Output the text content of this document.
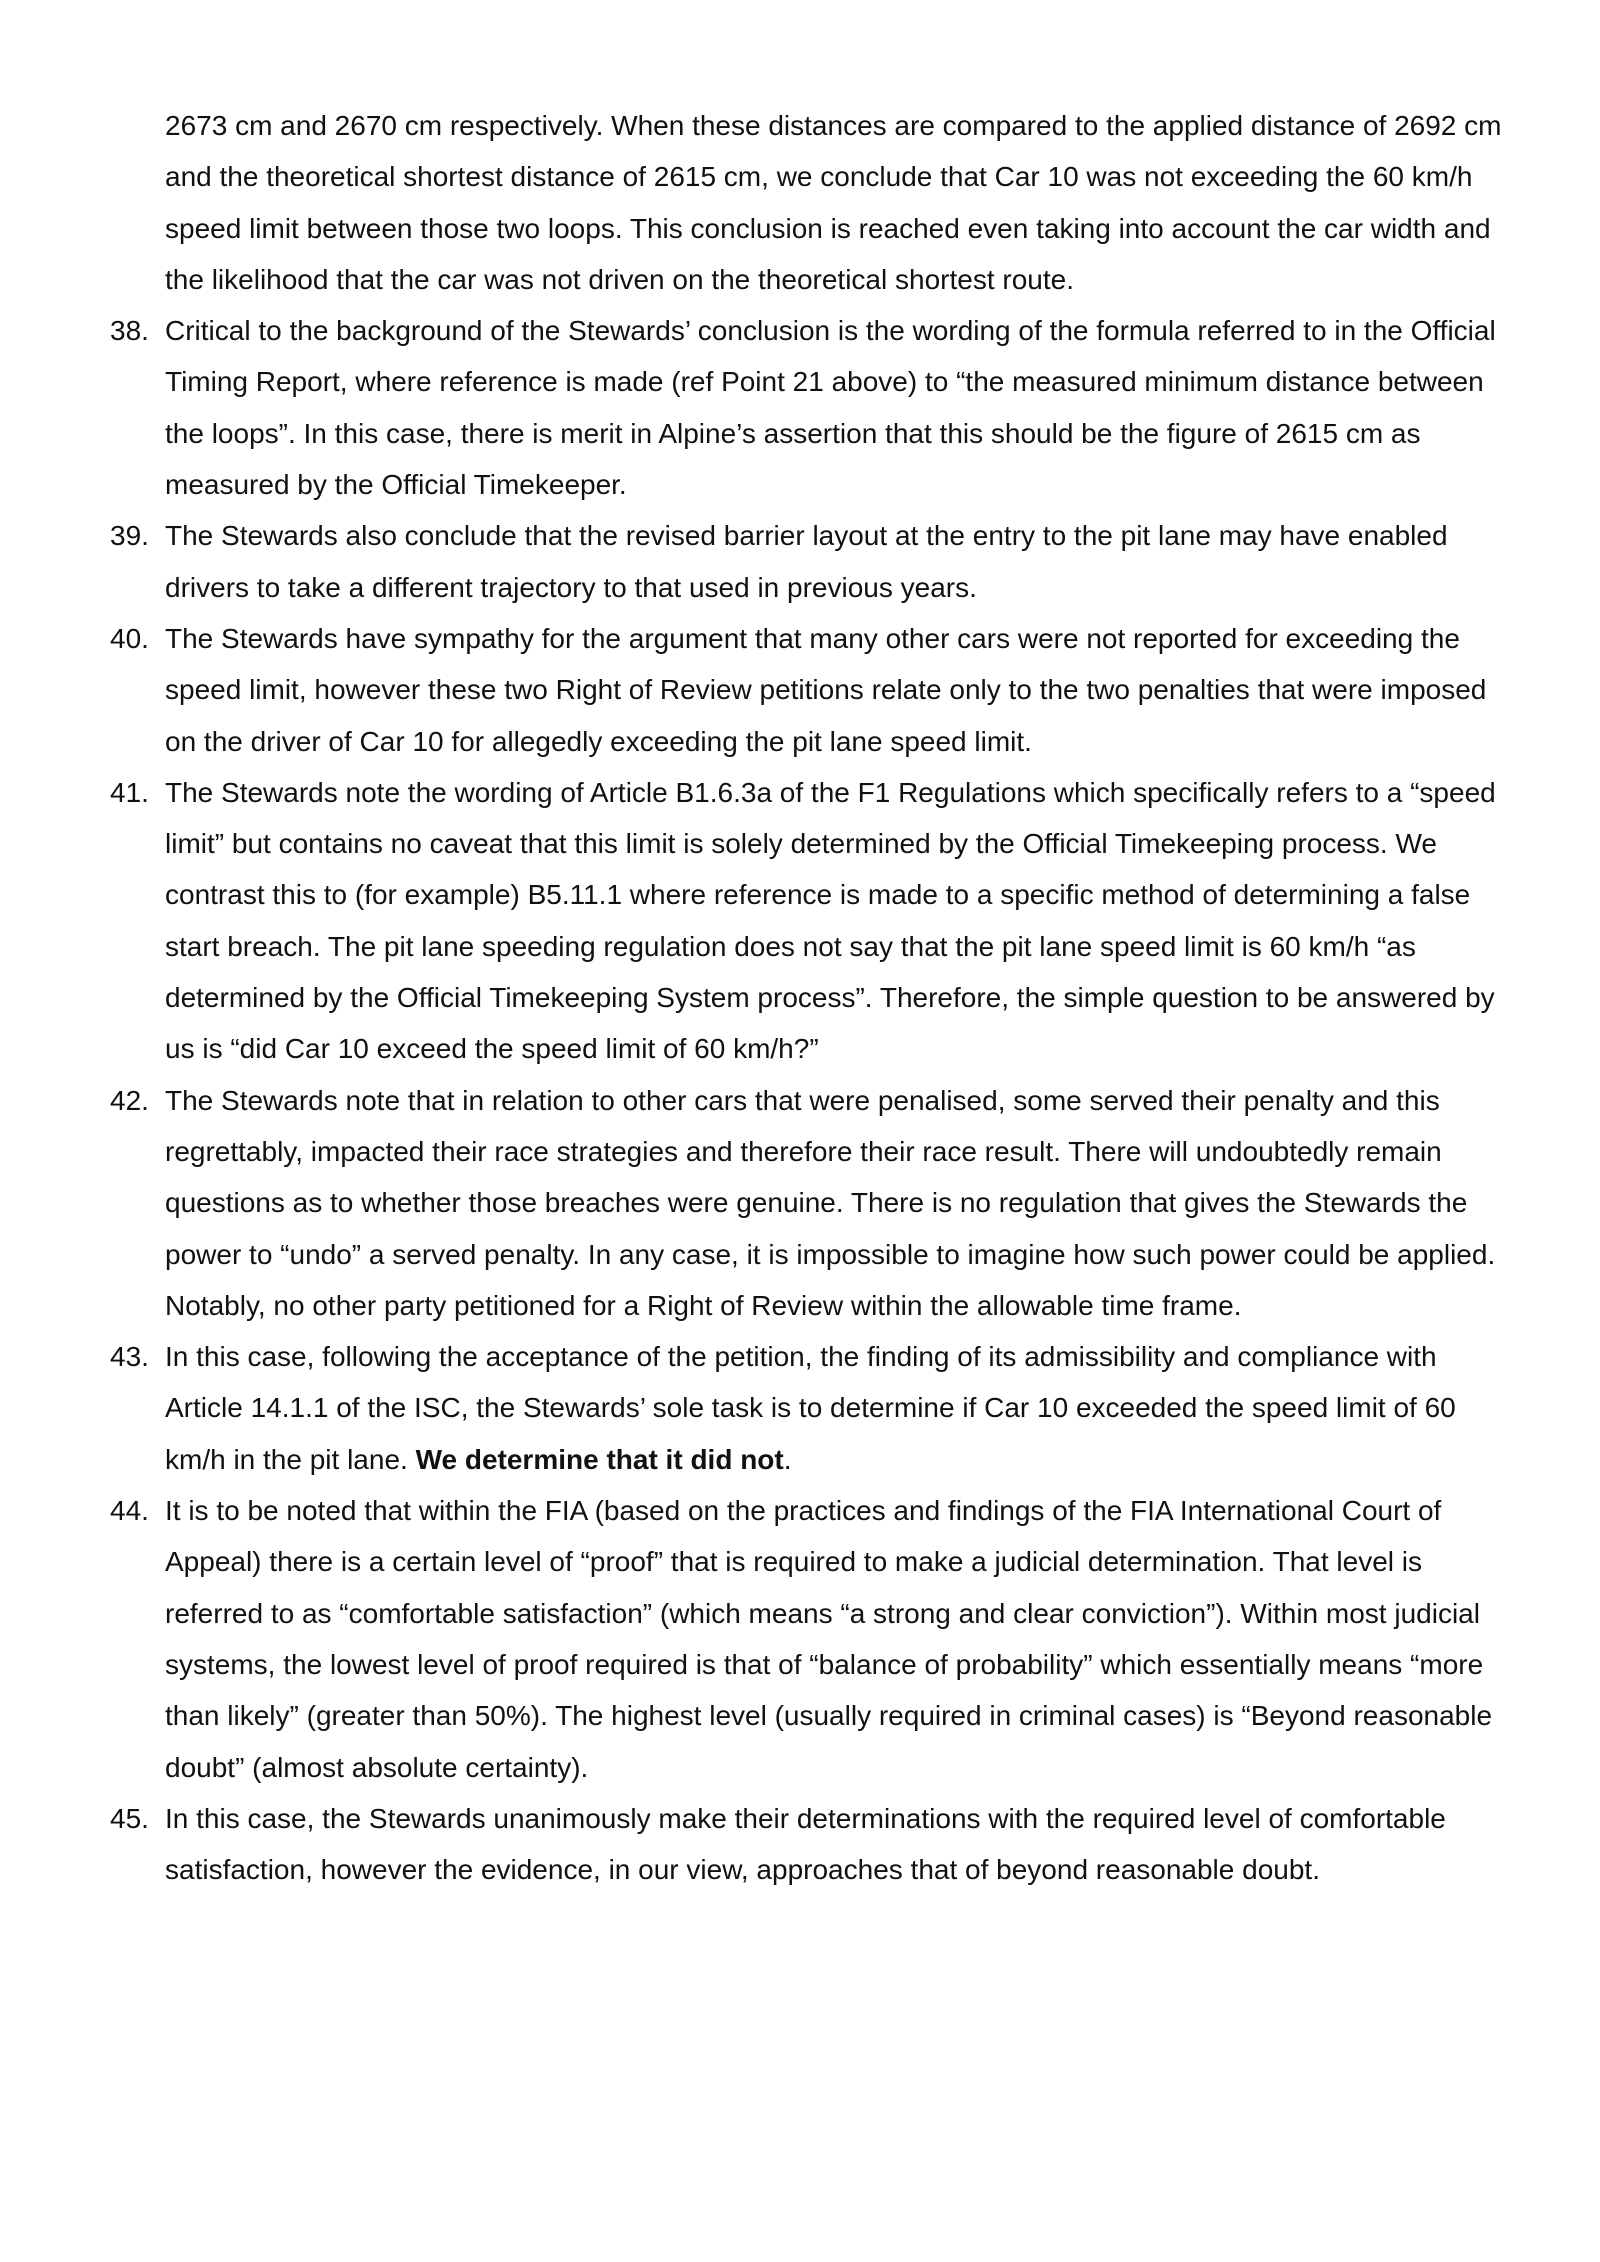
2673 cm and 2670 cm respectively. When these distances are compared to the applied distance of 2692 cm and the theoretical shortest distance of 2615 cm, we conclude that Car 10 was not exceeding the 60 km/h speed limit between those two loops. This conclusion is reached even taking into account the car width and the likelihood that the car was not driven on the theoretical shortest route.

38. Critical to the background of the Stewards’ conclusion is the wording of the formula referred to in the Official Timing Report, where reference is made (ref Point 21 above) to “the measured minimum distance between the loops”. In this case, there is merit in Alpine’s assertion that this should be the figure of 2615 cm as measured by the Official Timekeeper.
39. The Stewards also conclude that the revised barrier layout at the entry to the pit lane may have enabled drivers to take a different trajectory to that used in previous years.
40. The Stewards have sympathy for the argument that many other cars were not reported for exceeding the speed limit, however these two Right of Review petitions relate only to the two penalties that were imposed on the driver of Car 10 for allegedly exceeding the pit lane speed limit.
41. The Stewards note the wording of Article B1.6.3a of the F1 Regulations which specifically refers to a “speed limit” but contains no caveat that this limit is solely determined by the Official Timekeeping process. We contrast this to (for example) B5.11.1 where reference is made to a specific method of determining a false start breach. The pit lane speeding regulation does not say that the pit lane speed limit is 60 km/h “as determined by the Official Timekeeping System process”. Therefore, the simple question to be answered by us is “did Car 10 exceed the speed limit of 60 km/h?”
42. The Stewards note that in relation to other cars that were penalised, some served their penalty and this regrettably, impacted their race strategies and therefore their race result. There will undoubtedly remain questions as to whether those breaches were genuine. There is no regulation that gives the Stewards the power to “undo” a served penalty. In any case, it is impossible to imagine how such power could be applied. Notably, no other party petitioned for a Right of Review within the allowable time frame.
43. In this case, following the acceptance of the petition, the finding of its admissibility and compliance with Article 14.1.1 of the ISC, the Stewards’ sole task is to determine if Car 10 exceeded the speed limit of 60 km/h in the pit lane. We determine that it did not.
44. It is to be noted that within the FIA (based on the practices and findings of the FIA International Court of Appeal) there is a certain level of “proof” that is required to make a judicial determination. That level is referred to as “comfortable satisfaction” (which means “a strong and clear conviction”). Within most judicial systems, the lowest level of proof required is that of “balance of probability” which essentially means “more than likely” (greater than 50%). The highest level (usually required in criminal cases) is “Beyond reasonable doubt” (almost absolute certainty).
45. In this case, the Stewards unanimously make their determinations with the required level of comfortable satisfaction, however the evidence, in our view, approaches that of beyond reasonable doubt.
